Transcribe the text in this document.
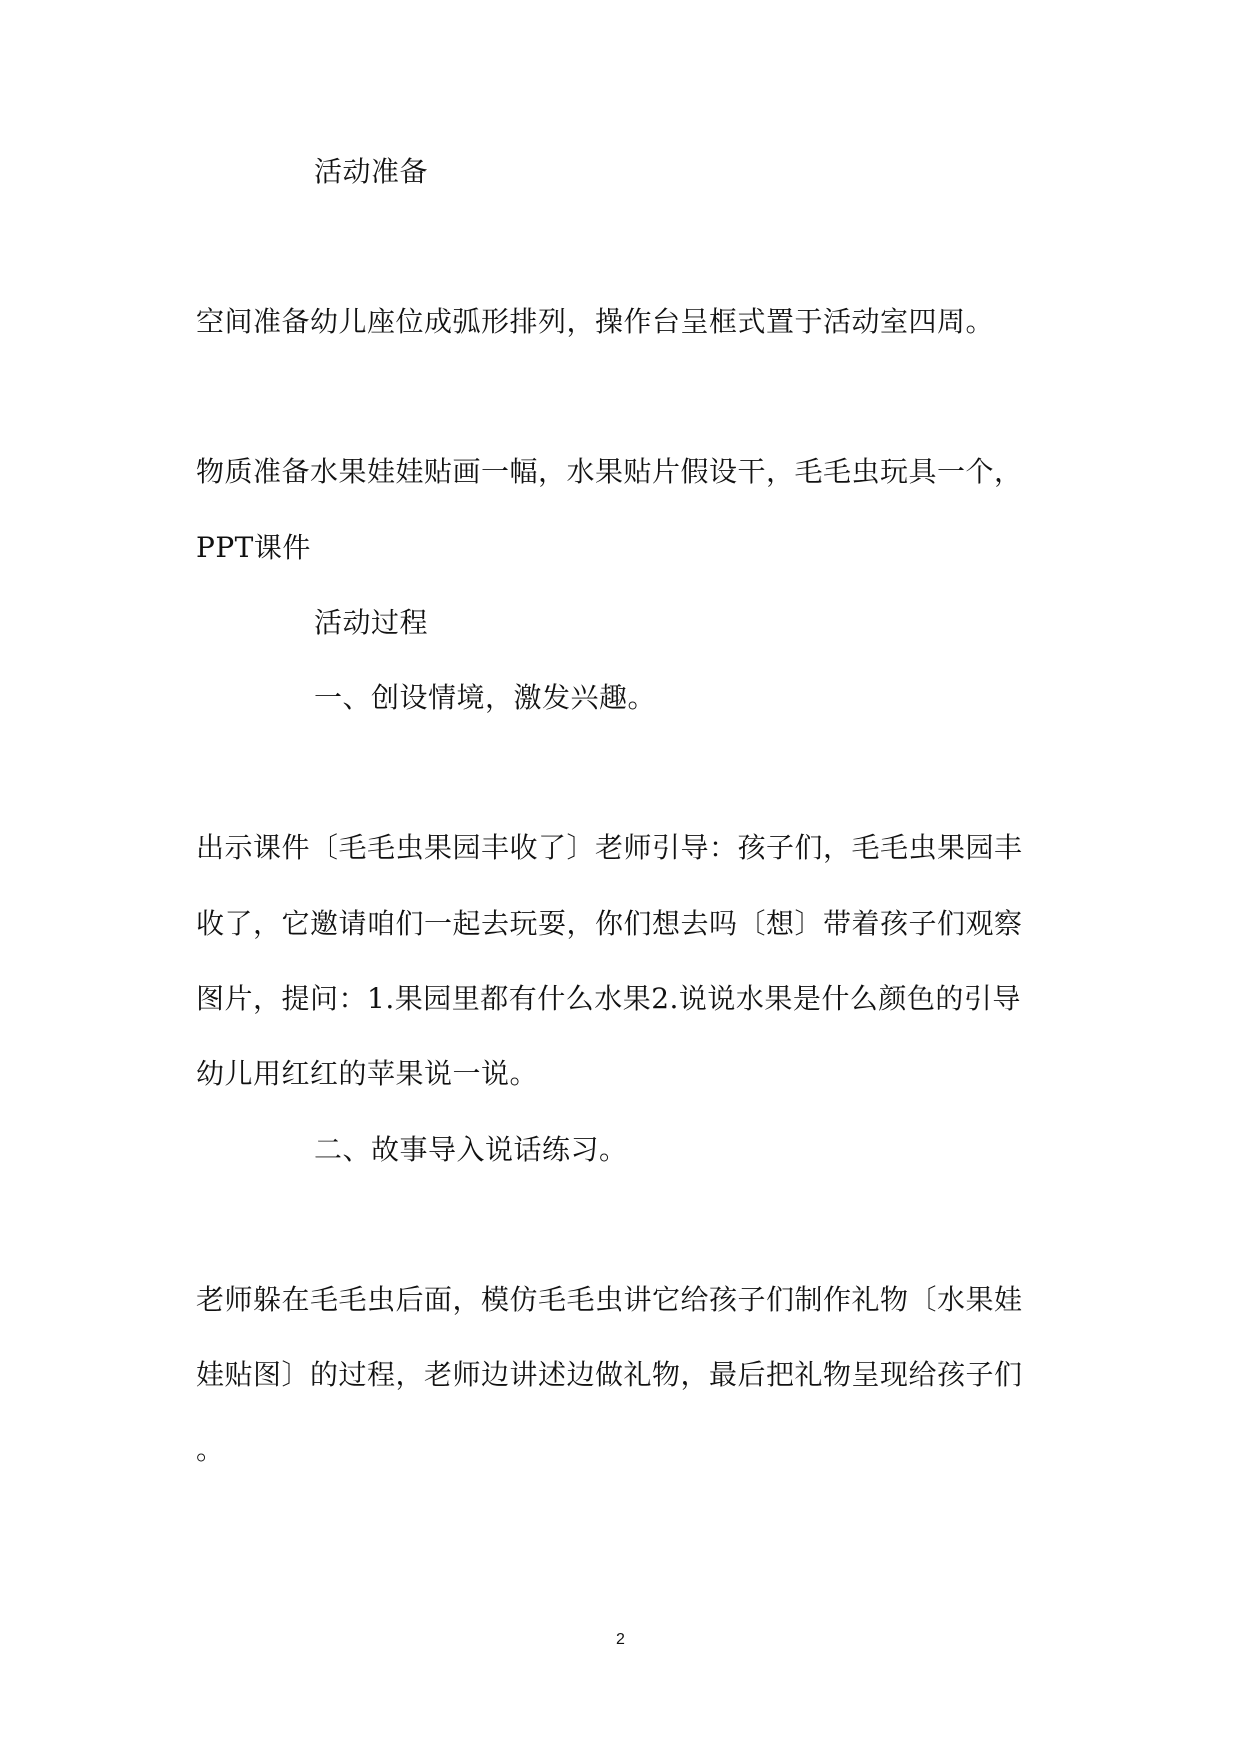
活动准备
空间准备幼儿座位成弧形排列，操作台呈框式置于活动室四周。
物质准备水果娃娃贴画一幅，水果贴片假设干，毛毛虫玩具一个，
PPT课件
活动过程
一、创设情境，激发兴趣。
出示课件〔毛毛虫果园丰收了〕老师引导：孩子们，毛毛虫果园丰
收了，它邀请咱们一起去玩耍，你们想去吗〔想〕带着孩子们观察
图片，提问：1.果园里都有什么水果2.说说水果是什么颜色的引导
幼儿用红红的苹果说一说。
二、故事导入说话练习。
老师躲在毛毛虫后面，模仿毛毛虫讲它给孩子们制作礼物〔水果娃
娃贴图〕的过程，老师边讲述边做礼物，最后把礼物呈现给孩子们
。
2
